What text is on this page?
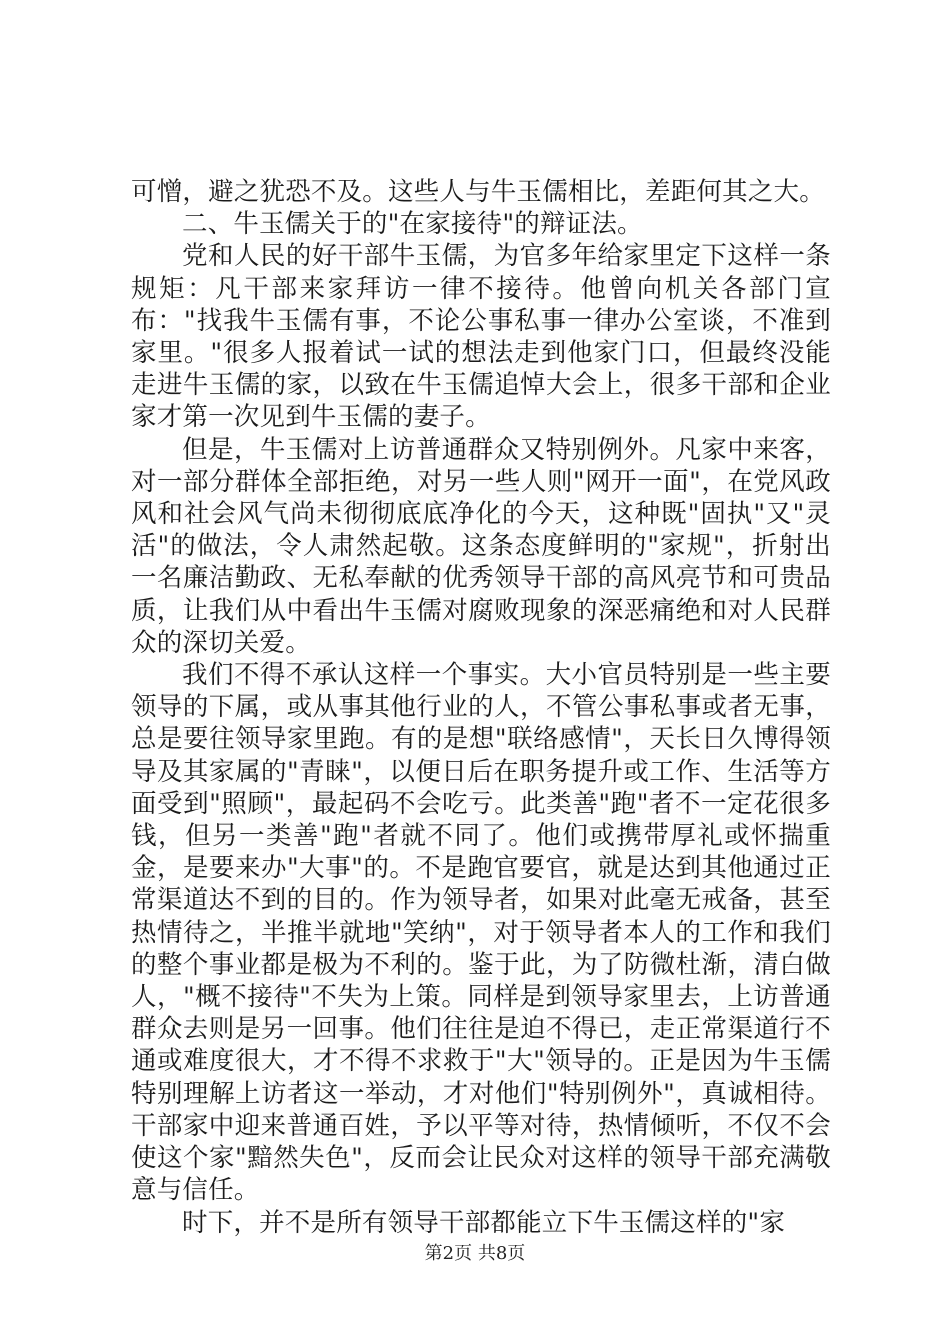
可憎，避之犹恐不及。这些人与牛玉儒相比，差距何其之大。

二、牛玉儒关于的"在家接待"的辩证法。

党和人民的好干部牛玉儒，为官多年给家里定下这样一条规矩：凡干部来家拜访一律不接待。他曾向机关各部门宣布："找我牛玉儒有事，不论公事私事一律办公室谈，不准到家里。"很多人报着试一试的想法走到他家门口，但最终没能走进牛玉儒的家，以致在牛玉儒追悼大会上，很多干部和企业家才第一次见到牛玉儒的妻子。

但是，牛玉儒对上访普通群众又特别例外。凡家中来客，对一部分群体全部拒绝，对另一些人则"网开一面"，在党风政风和社会风气尚未彻彻底底净化的今天，这种既"固执"又"灵活"的做法，令人肃然起敬。这条态度鲜明的"家规"，折射出一名廉洁勤政、无私奉献的优秀领导干部的高风亮节和可贵品质，让我们从中看出牛玉儒对腐败现象的深恶痛绝和对人民群众的深切关爱。

我们不得不承认这样一个事实。大小官员特别是一些主要领导的下属，或从事其他行业的人，不管公事私事或者无事，总是要往领导家里跑。有的是想"联络感情"，天长日久博得领导及其家属的"青睐"，以便日后在职务提升或工作、生活等方面受到"照顾"，最起码不会吃亏。此类善"跑"者不一定花很多钱，但另一类善"跑"者就不同了。他们或携带厚礼或怀揣重金，是要来办"大事"的。不是跑官要官，就是达到其他通过正常渠道达不到的目的。作为领导者，如果对此毫无戒备，甚至热情待之，半推半就地"笑纳"，对于领导者本人的工作和我们的整个事业都是极为不利的。鉴于此，为了防微杜渐，清白做人，"概不接待"不失为上策。同样是到领导家里去，上访普通群众去则是另一回事。他们往往是迫不得已，走正常渠道行不通或难度很大，才不得不求救于"大"领导的。正是因为牛玉儒特别理解上访者这一举动，才对他们"特别例外"，真诚相待。干部家中迎来普通百姓，予以平等对待，热情倾听，不仅不会使这个家"黯然失色"，反而会让民众对这样的领导干部充满敬意与信任。

时下，并不是所有领导干部都能立下牛玉儒这样的"家

第2页 共8页
